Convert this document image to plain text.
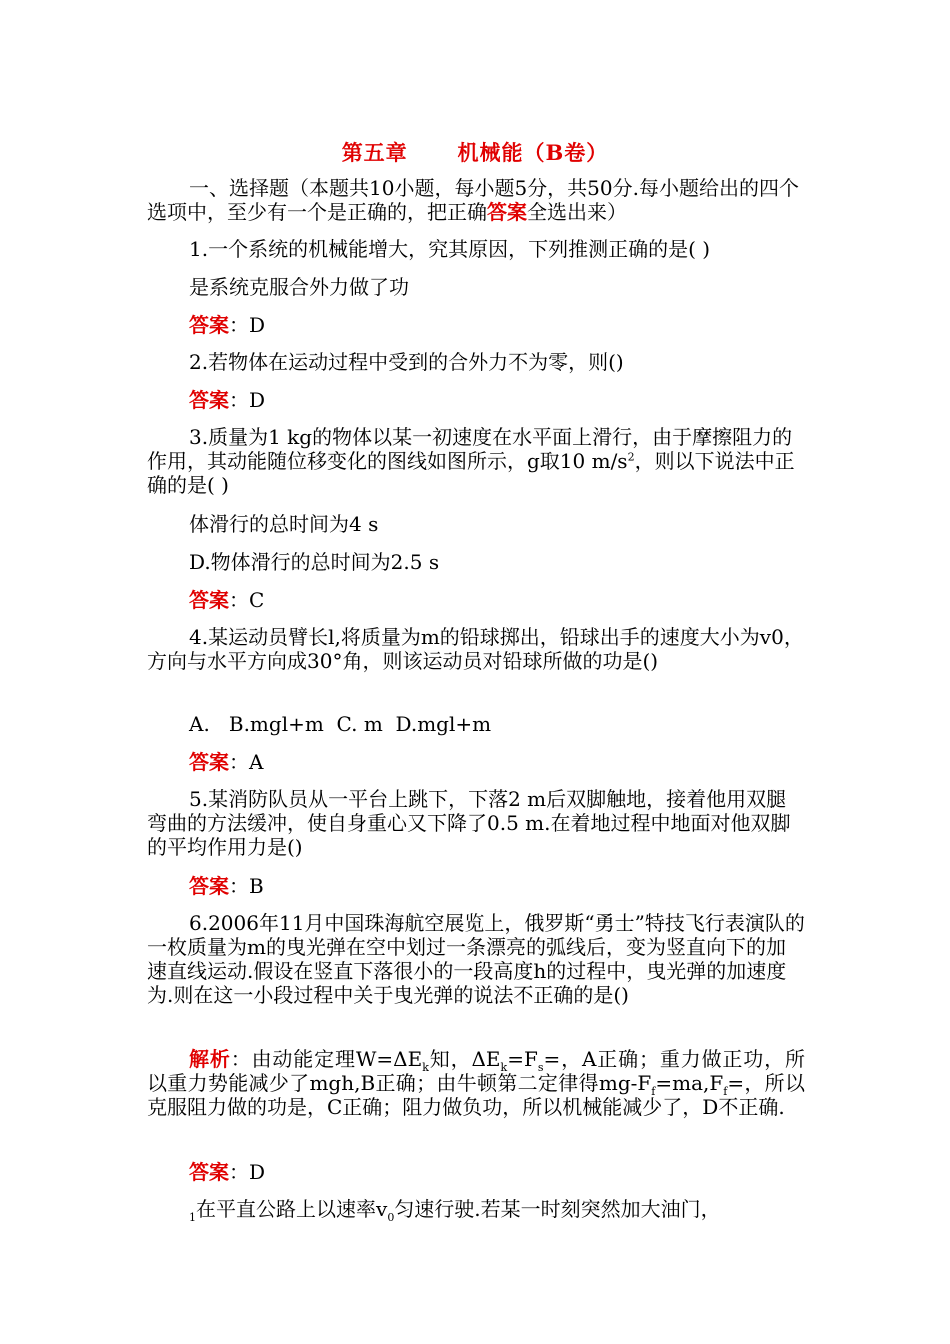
第五章      机械能（B卷）

一、选择题（本题共10小题，每小题5分，共50分.每小题给出的四个选项中，至少有一个是正确的，把正确答案全选出来）

1.一个系统的机械能增大，究其原因，下列推测正确的是( )

是系统克服合外力做了功

答案：D

2.若物体在运动过程中受到的合外力不为零，则()

答案：D

3.质量为1 kg的物体以某一初速度在水平面上滑行，由于摩擦阻力的作用，其动能随位移变化的图线如图所示，g取10 $m/s^2$，则以下说法中正确的是( )

体滑行的总时间为4 s

D.物体滑行的总时间为2.5 s

答案：C

4.某运动员臂长l,将质量为m的铅球掷出，铅球出手的速度大小为v0，方向与水平方向成30°角，则该运动员对铅球所做的功是()

A.   B.mgl+m  C. m  D.mgl+m

答案：A

5.某消防队员从一平台上跳下，下落2 m后双脚触地，接着他用双腿弯曲的方法缓冲，使自身重心又下降了0.5 m.在着地过程中地面对他双脚的平均作用力是()

答案：B

6.2006年11月中国珠海航空展览上，俄罗斯“勇士”特技飞行表演队的一枚质量为m的曳光弹在空中划过一条漂亮的弧线后，变为竖直向下的加速直线运动.假设在竖直下落很小的一段高度h的过程中，曳光弹的加速度为.则在这一小段过程中关于曳光弹的说法不正确的是()

解析：由动能定理$W=\Delta E_k$知，$\Delta E_k=F_s=$，A正确；重力做正功，所以重力势能减少了mgh,B正确；由牛顿第二定律得$mg-F_f=ma,F_f=$，所以克服阻力做的功是，C正确；阻力做负功，所以机械能减少了，D不正确.

答案：D

$_1$在平直公路上以速率$v_0$匀速行驶.若某一时刻突然加大油门，
